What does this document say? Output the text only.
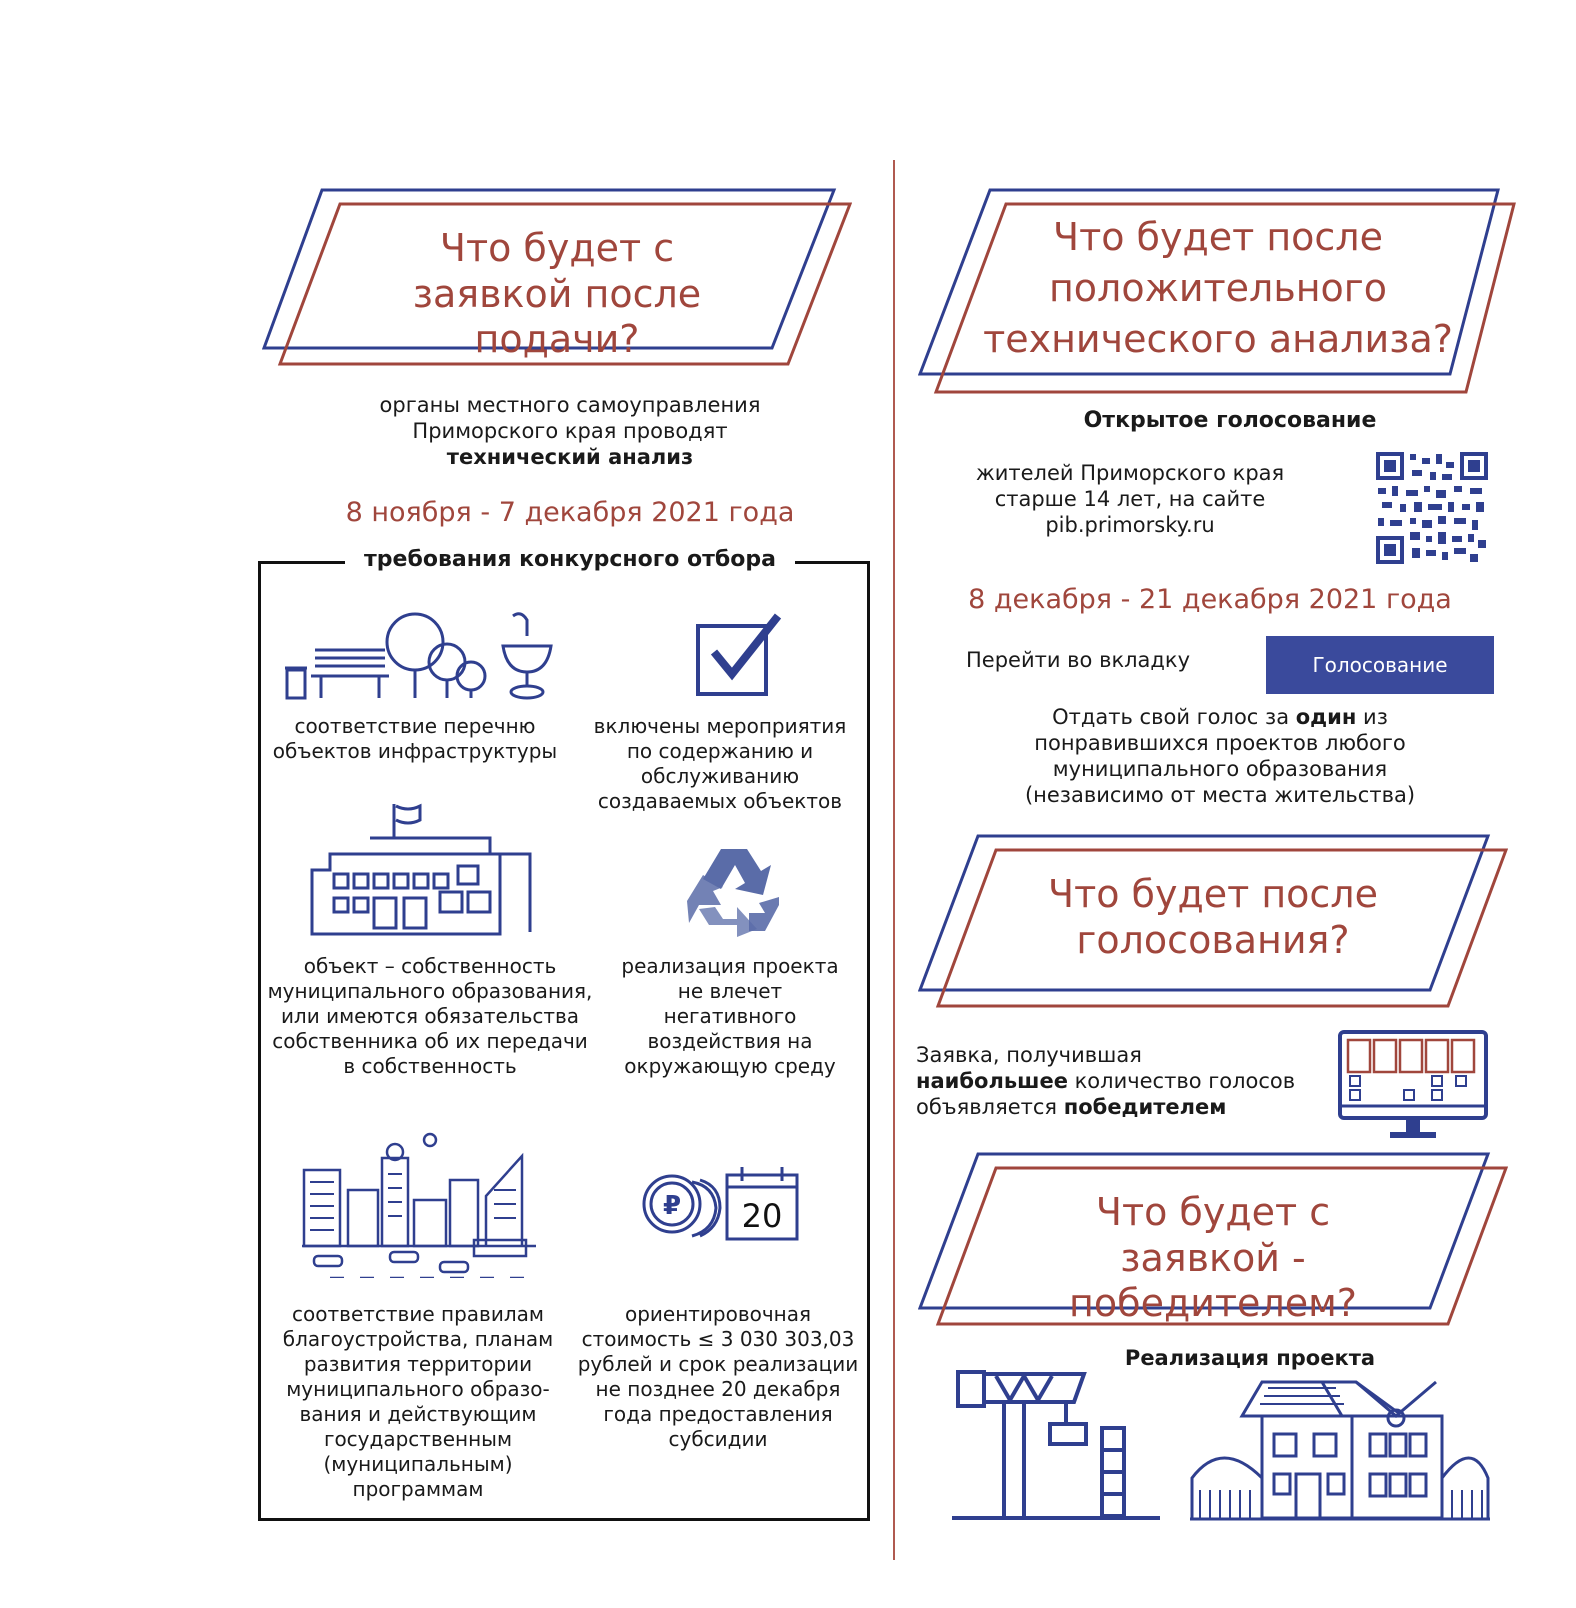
Что будет с заявкой после подачи?
органы местного самоуправления
Приморского края проводят
технический анализ
8 ноября - 7 декабря 2021 года
требования конкурсного отбора
соответствие перечню объектов инфраструктуры
включены мероприятия по содержанию и обслуживанию создаваемых объектов
объект – собственность муниципального образования, или имеются обязательства собственника об их передачи в собственность
реализация проекта не влечет негативного воздействия на окружающую среду
соответствие правилам благоустройства, планам развития территории муниципального образо-вания и действующим государственным (муниципальным) программам
₽ 20
ориентировочная стоимость ≤ 3 030 303,03 рублей и срок реализации не позднее 20 декабря года предоставления субсидии
Что будет после положительного технического анализа?
Открытое голосование
жителей Приморского края
старше 14 лет, на сайте
pib.primorsky.ru
8 декабря - 21 декабря 2021 года
Перейти во вкладку	Голосование
Отдать свой голос за один из
понравившихся проектов любого
муниципального образования
(независимо от места жительства)
Что будет после голосования?
Заявка, получившая
наибольшее количество голосов
объявляется победителем
Что будет с заявкой - победителем?
Реализация проекта
